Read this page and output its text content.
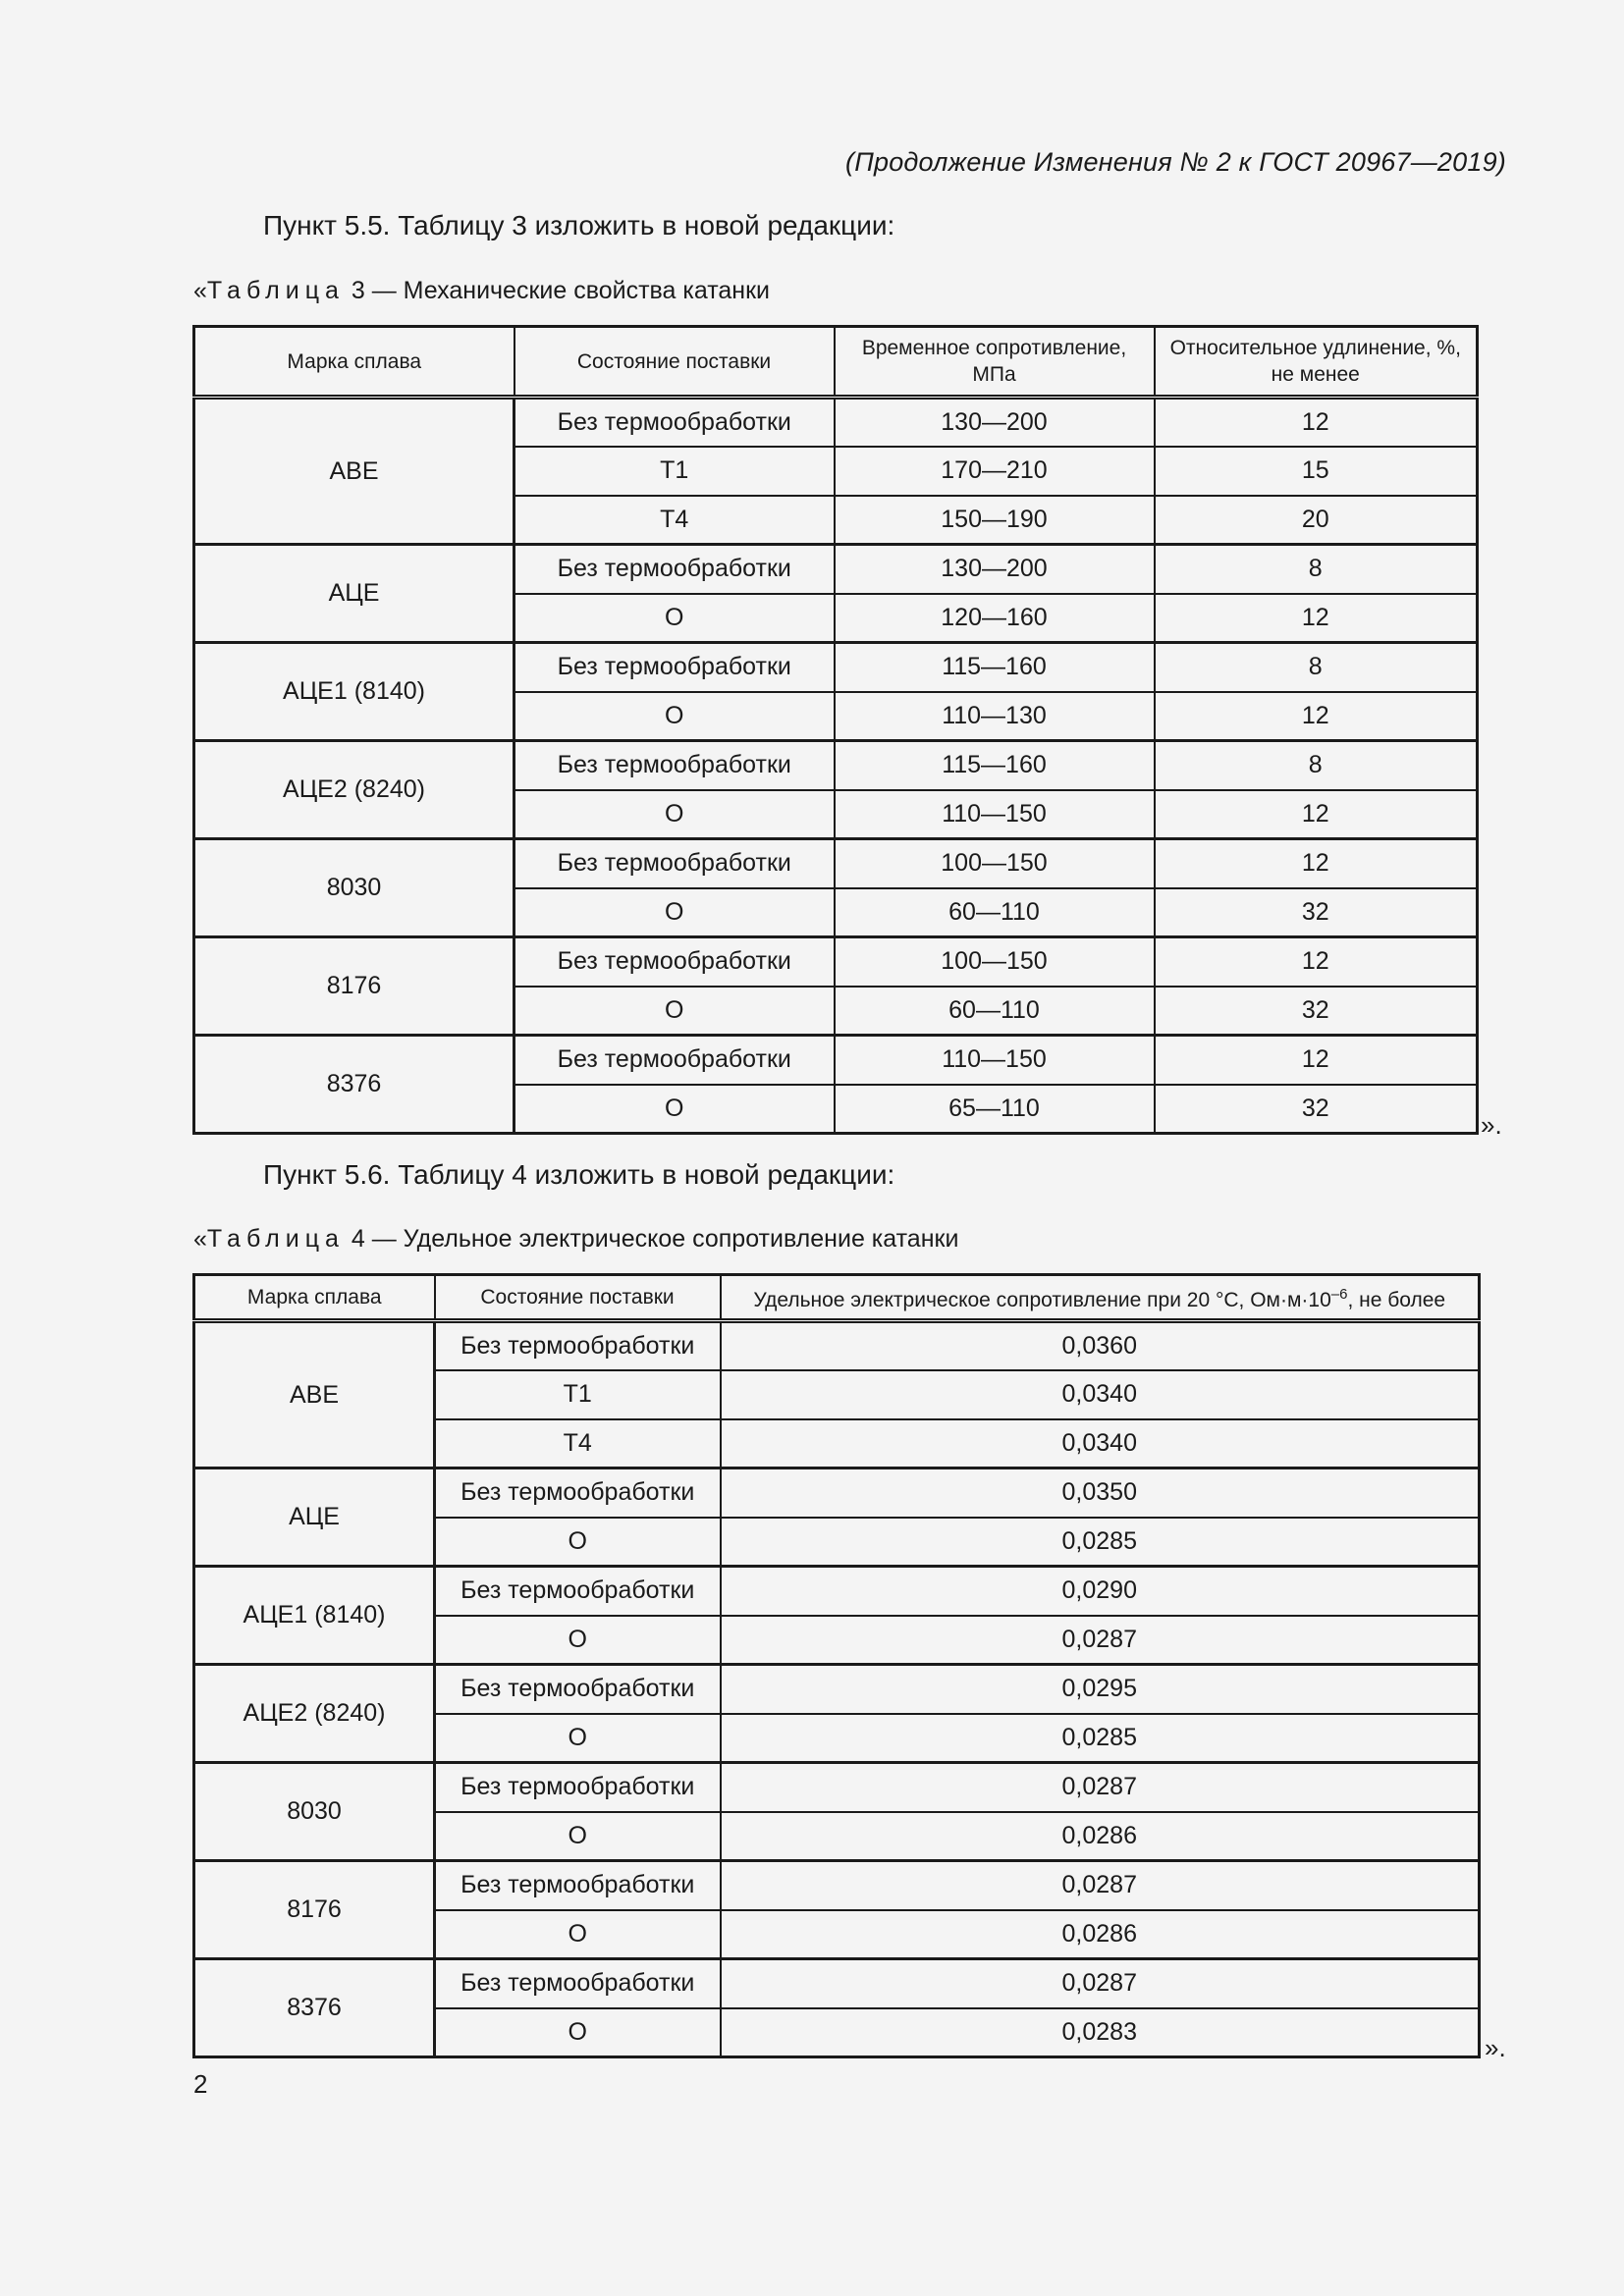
(Продолжение Изменения № 2 к ГОСТ 20967—2019)
Пункт 5.5. Таблицу 3 изложить в новой редакции:
«Таблица 3 — Механические свойства катанки
Марка сплава	Состояние поставки	Временное сопротивление, МПа	Относительное удлинение, %, не менее
АВЕ	Без термообработки	130—200	12
	Т1	170—210	15
	Т4	150—190	20
АЦЕ	Без термообработки	130—200	8
	О	120—160	12
АЦЕ1 (8140)	Без термообработки	115—160	8
	О	110—130	12
АЦЕ2 (8240)	Без термообработки	115—160	8
	О	110—150	12
8030	Без термообработки	100—150	12
	О	60—110	32
8176	Без термообработки	100—150	12
	О	60—110	32
8376	Без термообработки	110—150	12
	О	65—110	32
».
Пункт 5.6. Таблицу 4 изложить в новой редакции:
«Таблица 4 — Удельное электрическое сопротивление катанки
Марка сплава	Состояние поставки	Удельное электрическое сопротивление при 20 °С, $Ом\cdot м\cdot 10^{-6}$, не более
АВЕ	Без термообработки	0,0360
	Т1	0,0340
	Т4	0,0340
АЦЕ	Без термообработки	0,0350
	О	0,0285
АЦЕ1 (8140)	Без термообработки	0,0290
	О	0,0287
АЦЕ2 (8240)	Без термообработки	0,0295
	О	0,0285
8030	Без термообработки	0,0287
	О	0,0286
8176	Без термообработки	0,0287
	О	0,0286
8376	Без термообработки	0,0287
	О	0,0283
».
2
